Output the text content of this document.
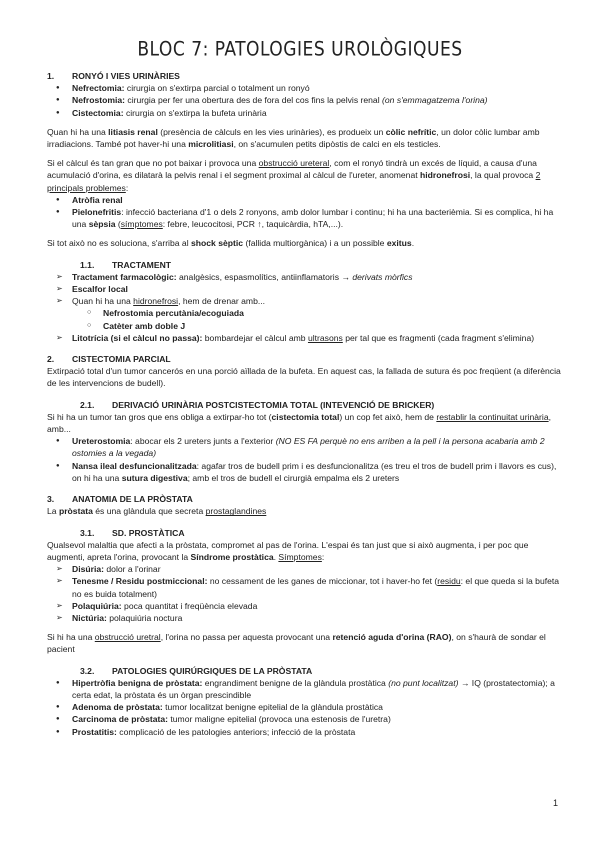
BLOC 7: PATOLOGIES UROLÒGIQUES
1.	RONYÓ I VIES URINÀRIES
● Nefrectomia: cirurgia on s'extirpa parcial o totalment un ronyó
● Nefrostomia: cirurgia per fer una obertura des de fora del cos fins la pelvis renal (on s'emmagatzema l'orina)
● Cistectomia: cirurgia on s'extirpa la bufeta urinària

Quan hi ha una litiasis renal (presència de càlculs en les vies urinàries), es produeix un còlic nefrític, un dolor còlic lumbar amb irradiacions. També pot haver-hi una microlitiasi, on s'acumulen petits dipòstis de calci en els testicles.

Si el càlcul és tan gran que no pot baixar i provoca una obstrucció ureteral, com el ronyó tindrà un excés de líquid, a causa d'una acumulació d'orina, es dilatarà la pelvis renal i el segment proximal al càlcul de l'ureter, anomenat hidronefrosi, la qual provoca 2 principals problemes:

● Atròfia renal
● Pielonefritis: infecció bacteriana d'1 o dels 2 ronyons, amb dolor lumbar i continu; hi ha una bacterièmia. Si es complica, hi ha una sèpsia (símptomes: febre, leucocitosi, PCR ↑, taquicàrdia, hTA,...).

Si tot això no es soluciona, s'arriba al shock sèptic (fallida multiorgànica) i a un possible exitus.

1.1.	TRACTAMENT
➢ Tractament farmacològic: analgèsics, espasmolítics, antiinflamatoris → derivats mòrfics
➢ Escalfor local
➢ Quan hi ha una hidronefrosi, hem de drenar amb...
○ Nefrostomia percutània/ecoguiada
○ Catèter amb doble J
➢ Litotrícia (si el càlcul no passa): bombardejar el càlcul amb ultrasons per tal que es fragmenti (cada fragment s'elimina)
2.	CISTECTOMIA PARCIAL

Extirpació total d'un tumor cancerós en una porció aïllada de la bufeta. En aquest cas, la fallada de sutura és poc freqüent (a diferència de les intervencions de budell).

2.1.	DERIVACIÓ URINÀRIA POSTCISTECTOMIA TOTAL (INTEVENCIÓ DE BRICKER)

Si hi ha un tumor tan gros que ens obliga a extirpar-ho tot (cistectomia total) un cop fet això, hem de restablir la continuitat urinària, amb...

● Ureterostomia: abocar els 2 ureters junts a l'exterior (NO ES FA perquè no ens arriben a la pell i la persona acabaria amb 2 ostomies a la vegada)
● Nansa ileal desfuncionalitzada: agafar tros de budell prim i es desfuncionalitza (es treu el tros de budell prim i llavors es cus), on hi ha una sutura digestiva; amb el tros de budell el cirurgià empalma els 2 ureters
3.	ANATOMIA DE LA PRÒSTATA

La pròstata és una glàndula que secreta prostaglandines

3.1.	SD. PROSTÀTICA

Qualsevol malaltia que afecti a la pròstata, compromet al pas de l'orina. L'espai és tan just que si això augmenta, i per poc que augmenti, apreta l'orina, provocant la Síndrome prostàtica. Símptomes:

➢ Disúria: dolor a l'orinar
➢ Tenesme / Residu postmiccional: no cessament de les ganes de miccionar, tot i haver-ho fet (residu: el que queda si la bufeta no es buida totalment)
➢ Polaquiúria: poca quantitat i freqüència elevada
➢ Nictúria: polaquiúria noctura

Si hi ha una obstrucció uretral, l'orina no passa per aquesta provocant una retenció aguda d'orina (RAO), on s'haurà de sondar el pacient

3.2.	PATOLOGIES QUIRÚRGIQUES DE LA PRÒSTATA
● Hipertròfia benigna de pròstata: engrandiment benigne de la glàndula prostàtica (no punt localitzat) → IQ (prostatectomia); a certa edat, la pròstata és un òrgan prescindible
● Adenoma de pròstata: tumor localitzat benigne epitelial de la glàndula prostàtica
● Carcinoma de pròstata: tumor maligne epitelial (provoca una estenosis de l'uretra)
● Prostatitis: complicació de les patologies anteriors; infecció de la pròstata
1
